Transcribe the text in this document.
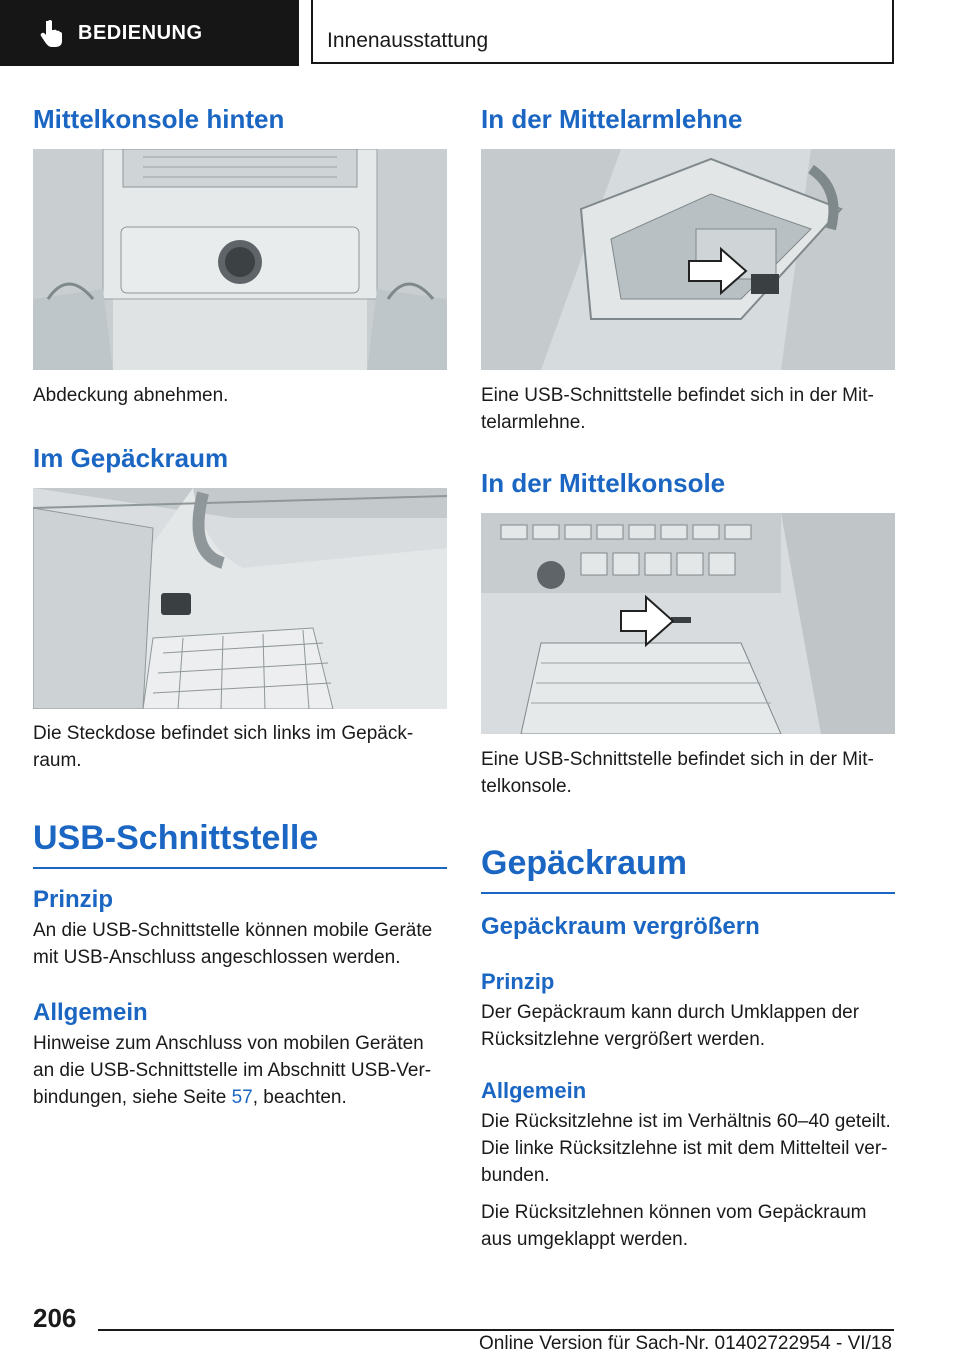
BEDIENUNG	Innenausstattung
Mittelkonsole hinten

Abdeckung abnehmen.

Im Gepäckraum

Die Steckdose befindet sich links im Gepäck‐raum.

USB-Schnittstelle
Prinzip

An die USB-Schnittstelle können mobile Geräte mit USB-Anschluss angeschlossen werden.

Allgemein

Hinweise zum Anschluss von mobilen Geräten an die USB-Schnittstelle im Abschnitt USB-Ver‐bindungen, siehe Seite 57, beachten.

In der Mittelarmlehne

Eine USB-Schnittstelle befindet sich in der Mit‐telarmlehne.

In der Mittelkonsole

Eine USB-Schnittstelle befindet sich in der Mit‐telkonsole.

Gepäckraum
Gepäckraum vergrößern
Prinzip

Der Gepäckraum kann durch Umklappen der Rücksitzlehne vergrößert werden.

Allgemein

Die Rücksitzlehne ist im Verhältnis 60–40 geteilt. Die linke Rücksitzlehne ist mit dem Mittelteil ver‐bunden.

Die Rücksitzlehnen können vom Gepäckraum aus umgeklappt werden.

206
Online Version für Sach-Nr. 01402722954 - VI/18
